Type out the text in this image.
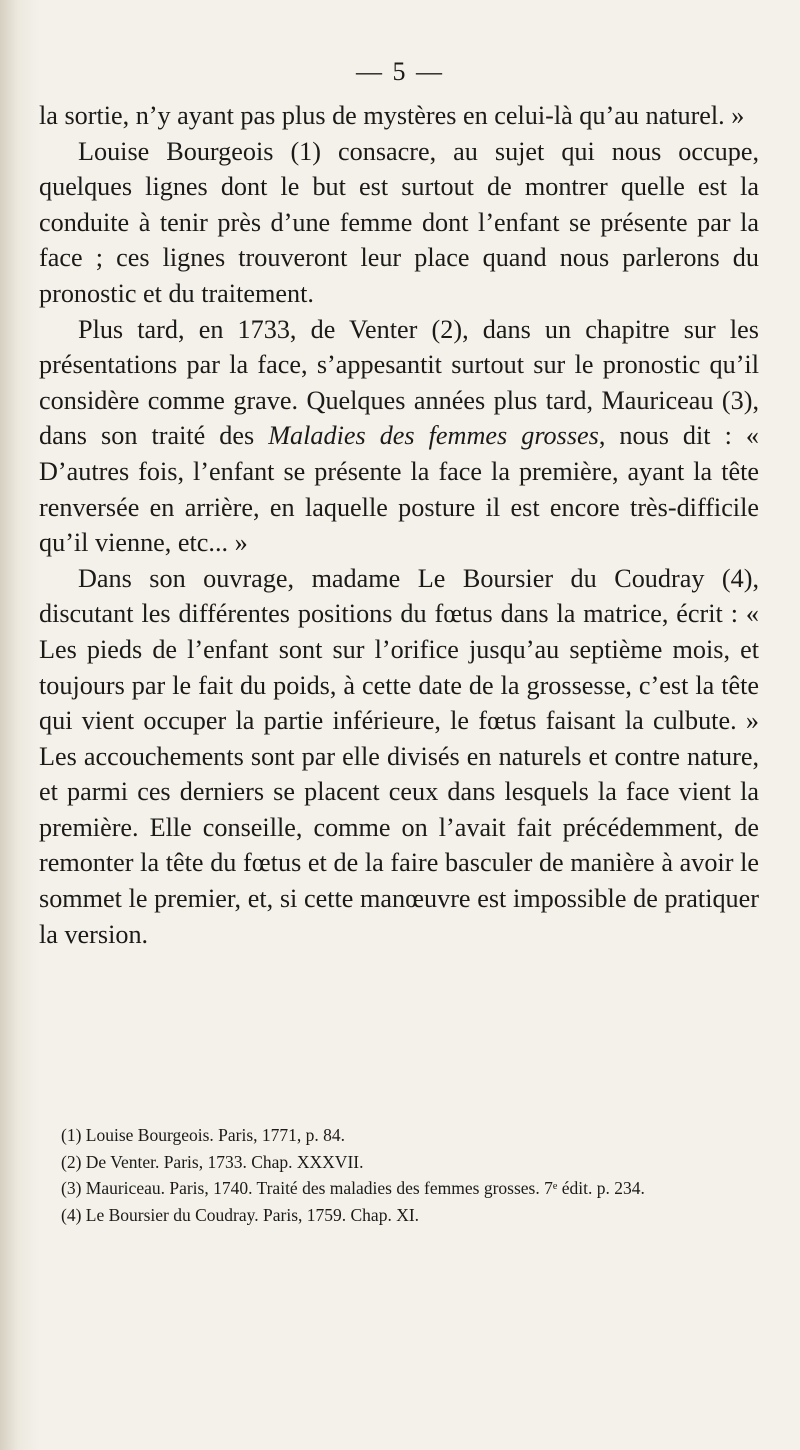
— 5 —

la sortie, n’y ayant pas plus de mystères en celui-là qu’au naturel. »

Louise Bourgeois (1) consacre, au sujet qui nous occupe, quelques lignes dont le but est surtout de montrer quelle est la conduite à tenir près d’une femme dont l’enfant se présente par la face ; ces lignes trouveront leur place quand nous parlerons du pronostic et du traitement.

Plus tard, en 1733, de Venter (2), dans un chapitre sur les présentations par la face, s’appesantit surtout sur le pronostic qu’il considère comme grave. Quelques années plus tard, Mauriceau (3), dans son traité des Maladies des femmes grosses, nous dit : « D’autres fois, l’enfant se présente la face la première, ayant la tête renversée en arrière, en laquelle posture il est encore très-difficile qu’il vienne, etc... »

Dans son ouvrage, madame Le Boursier du Coudray (4), discutant les différentes positions du fœtus dans la matrice, écrit : « Les pieds de l’enfant sont sur l’orifice jusqu’au septième mois, et toujours par le fait du poids, à cette date de la grossesse, c’est la tête qui vient occuper la partie inférieure, le fœtus faisant la culbute. » Les accouchements sont par elle divisés en naturels et contre nature, et parmi ces derniers se placent ceux dans lesquels la face vient la première. Elle conseille, comme on l’avait fait précédemment, de remonter la tête du fœtus et de la faire basculer de manière à avoir le sommet le premier, et, si cette manœuvre est impossible de pratiquer la version.

(1) Louise Bourgeois. Paris, 1771, p. 84.

(2) De Venter. Paris, 1733. Chap. XXXVII.

(3) Mauriceau. Paris, 1740. Traité des maladies des femmes grosses. 7ᵉ édit. p. 234.

(4) Le Boursier du Coudray. Paris, 1759. Chap. XI.
